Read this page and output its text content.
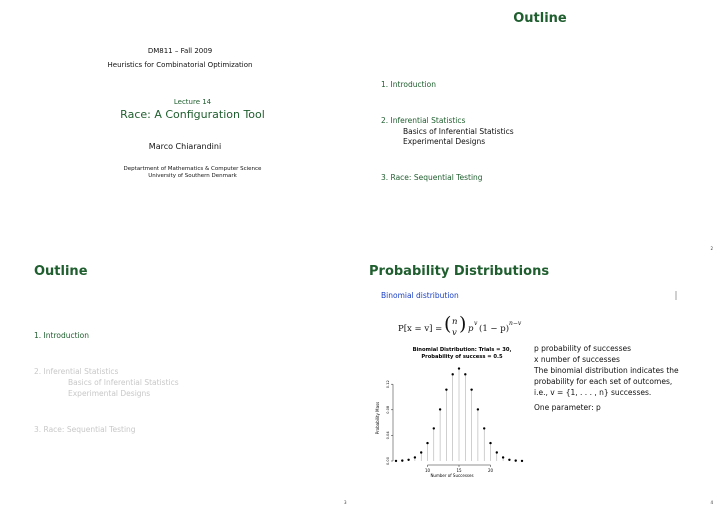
DM811 – Fall 2009
Heuristics for Combinatorial Optimization
Lecture 14
Race: A Configuration Tool
Marco Chiarandini
Deptartment of Mathematics & Computer Science
University of Southern Denmark
Outline
1. Introduction
2. Inferential Statistics
Basics of Inferential Statistics
Experimental Designs
3. Race: Sequential Testing
2
Outline
1. Introduction
2. Inferential Statistics
Basics of Inferential Statistics
Experimental Designs
3. Race: Sequential Testing
3
Probability Distributions
Binomial distribution
P[x = v] = ( n
v ) p
v
(1 − p)
n−v
p probability of successes
x number of successes
The binomial distribution indicates the
probability for each set of outcomes,
i.e., v = {1, . . . , n} successes.
One parameter: p
Binomial Distribution: Trials = 30,
Probability of success = 0.5
Probability Mass
Number of Successes
0.00
0.04
0.08
0.12
10	15	20
4
